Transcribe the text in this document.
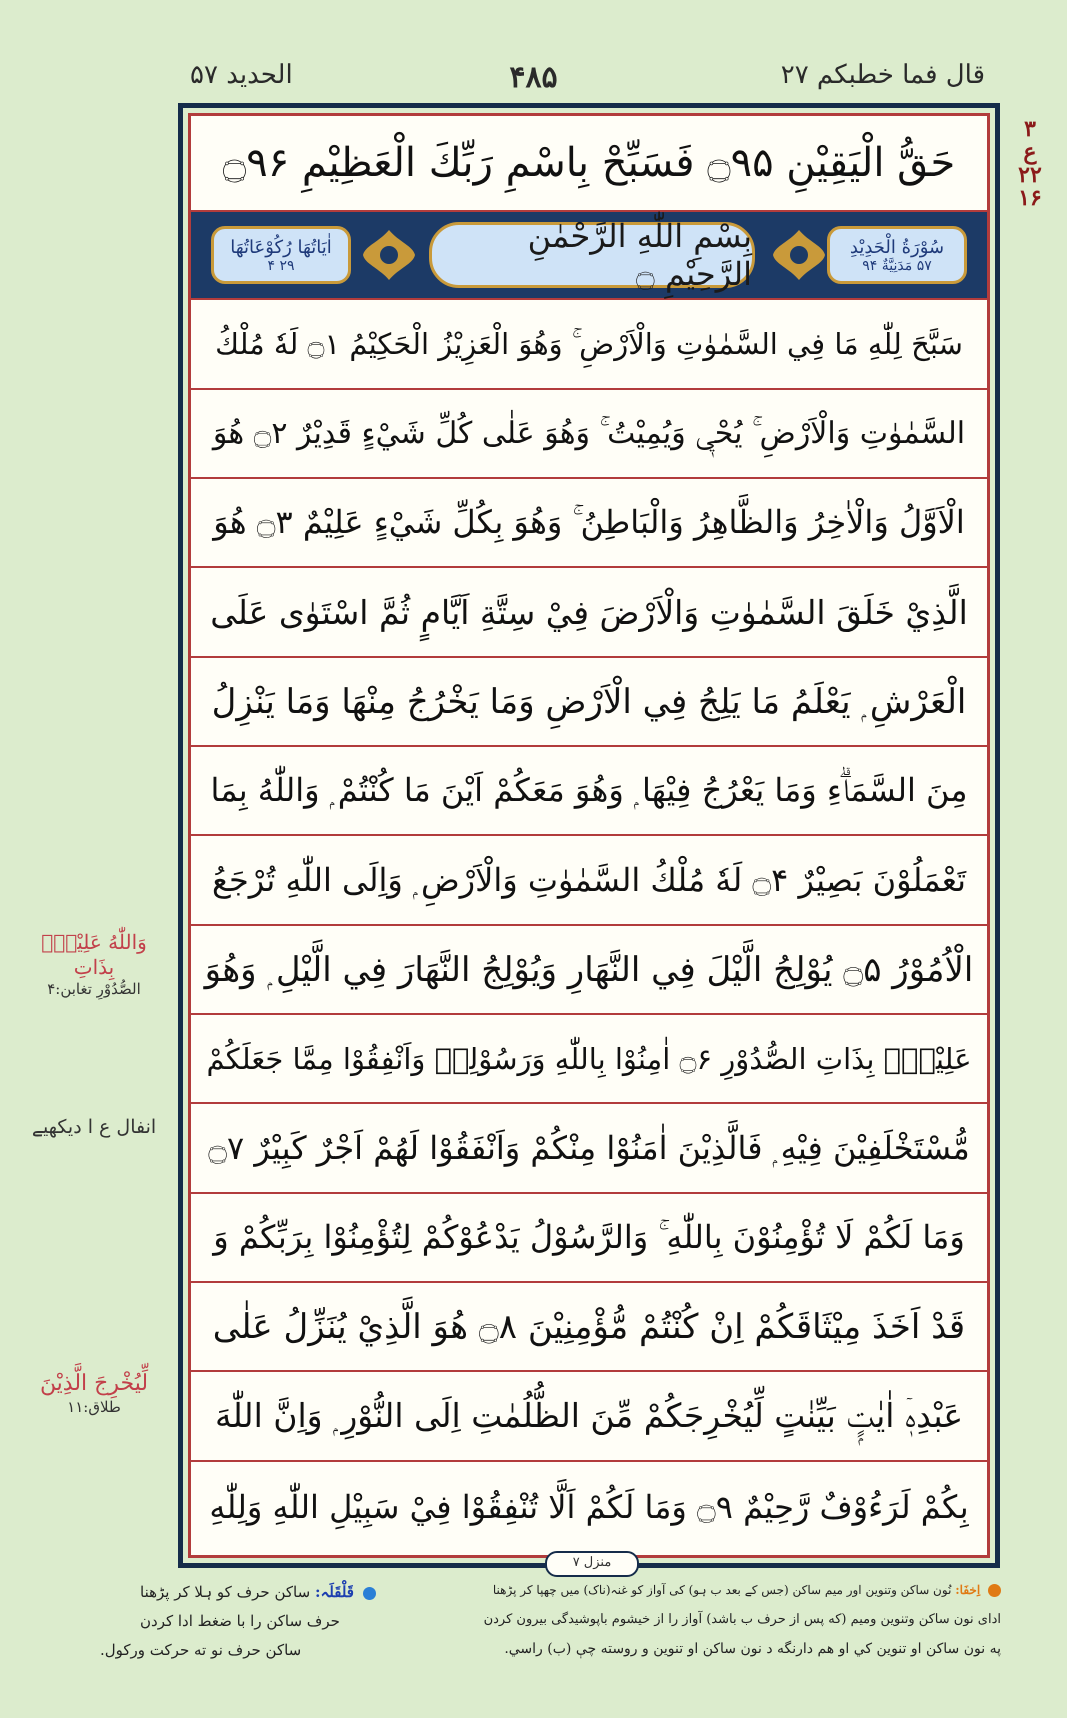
قال فما خطبکم ۲۷
۴۸۵
الحدید ۵۷
۳
ع
۲۲
۱۶
حَقُّ الْيَقِيْنِ ۝۹۵ فَسَبِّحْ بِاسْمِ رَبِّكَ الْعَظِيْمِ ۝۹۶
سُوْرَةُ الْحَدِيْدِ
۵۷ مَدَنِيَّةٌ ۹۴
بِسْمِ اللّٰهِ الرَّحْمٰنِ الرَّحِيْمِ ۝
اٰيَاتُهَا رُكُوْعَاتُهَا
۲۹ ۴
سَبَّحَ لِلّٰهِ مَا فِي السَّمٰوٰتِ وَالْاَرْضِ ۚ وَهُوَ الْعَزِيْزُ الْحَكِيْمُ ۝۱ لَهٗ مُلْكُ
السَّمٰوٰتِ وَالْاَرْضِ ۚ يُحْيٖ وَيُمِيْتُ ۚ وَهُوَ عَلٰى كُلِّ شَيْءٍ قَدِيْرٌ ۝۲ هُوَ
الْاَوَّلُ وَالْاٰخِرُ وَالظَّاهِرُ وَالْبَاطِنُ ۚ وَهُوَ بِكُلِّ شَيْءٍ عَلِيْمٌ ۝۳ هُوَ
الَّذِيْ خَلَقَ السَّمٰوٰتِ وَالْاَرْضَ فِيْ سِتَّةِ اَيَّامٍ ثُمَّ اسْتَوٰى عَلَى
الْعَرْشِ ۭ يَعْلَمُ مَا يَلِجُ فِي الْاَرْضِ وَمَا يَخْرُجُ مِنْهَا وَمَا يَنْزِلُ
مِنَ السَّمَاۗءِ وَمَا يَعْرُجُ فِيْهَا ۭ وَهُوَ مَعَكُمْ اَيْنَ مَا كُنْتُمْ ۭ وَاللّٰهُ بِمَا
تَعْمَلُوْنَ بَصِيْرٌ ۝۴ لَهٗ مُلْكُ السَّمٰوٰتِ وَالْاَرْضِ ۭ وَاِلَى اللّٰهِ تُرْجَعُ
الْاُمُوْرُ ۝۵ يُوْلِجُ الَّيْلَ فِي النَّهَارِ وَيُوْلِجُ النَّهَارَ فِي الَّيْلِ ۭ وَهُوَ
عَلِيْمٌۢ بِذَاتِ الصُّدُوْرِ ۝۶ اٰمِنُوْا بِاللّٰهِ وَرَسُوْلِهٖ وَاَنْفِقُوْا مِمَّا جَعَلَكُمْ
مُّسْتَخْلَفِيْنَ فِيْهِ ۭ فَالَّذِيْنَ اٰمَنُوْا مِنْكُمْ وَاَنْفَقُوْا لَهُمْ اَجْرٌ كَبِيْرٌ ۝۷
وَمَا لَكُمْ لَا تُؤْمِنُوْنَ بِاللّٰهِ ۚ وَالرَّسُوْلُ يَدْعُوْكُمْ لِتُؤْمِنُوْا بِرَبِّكُمْ وَ
قَدْ اَخَذَ مِيْثَاقَكُمْ اِنْ كُنْتُمْ مُّؤْمِنِيْنَ ۝۸ هُوَ الَّذِيْ يُنَزِّلُ عَلٰى
عَبْدِهٖۤ اٰيٰتٍۭ بَيِّنٰتٍ لِّيُخْرِجَكُمْ مِّنَ الظُّلُمٰتِ اِلَى النُّوْرِ ۭ وَاِنَّ اللّٰهَ
بِكُمْ لَرَءُوْفٌ رَّحِيْمٌ ۝۹ وَمَا لَكُمْ اَلَّا تُنْفِقُوْا فِيْ سَبِيْلِ اللّٰهِ وَلِلّٰهِ
وَاللّٰهُ عَلِيْمٌۢ بِذَاتِ
الصُّدُوْرِ تغابن:۴
انفال ع ا دیکھیے
لِّيُخْرِجَ الَّذِيْنَ
طلاق:۱۱
منزل ۷
اِخفَا: نُون ساکن وتنوین اور میم ساکن (جس کے بعد ب ہو) کی آواز کو غنہ(ناک) میں چھپا کر پڑھنا
قَلْقَلَہ: ساکن حرف کو ہلا کر پڑھنا
ادای نون ساکن وتنوین ومیم (که پس از حرف ب باشد) آواز را از خیشوم باپوشیدگی بیرون کردن
حرف ساکن را با ضغط ادا کردن
په نون ساکن او تنوین کي او هم دارنگه د نون ساکن او تنوین و روسته چې (ب) راسي.
ساکن حرف نو ته حرکت ورکول.
